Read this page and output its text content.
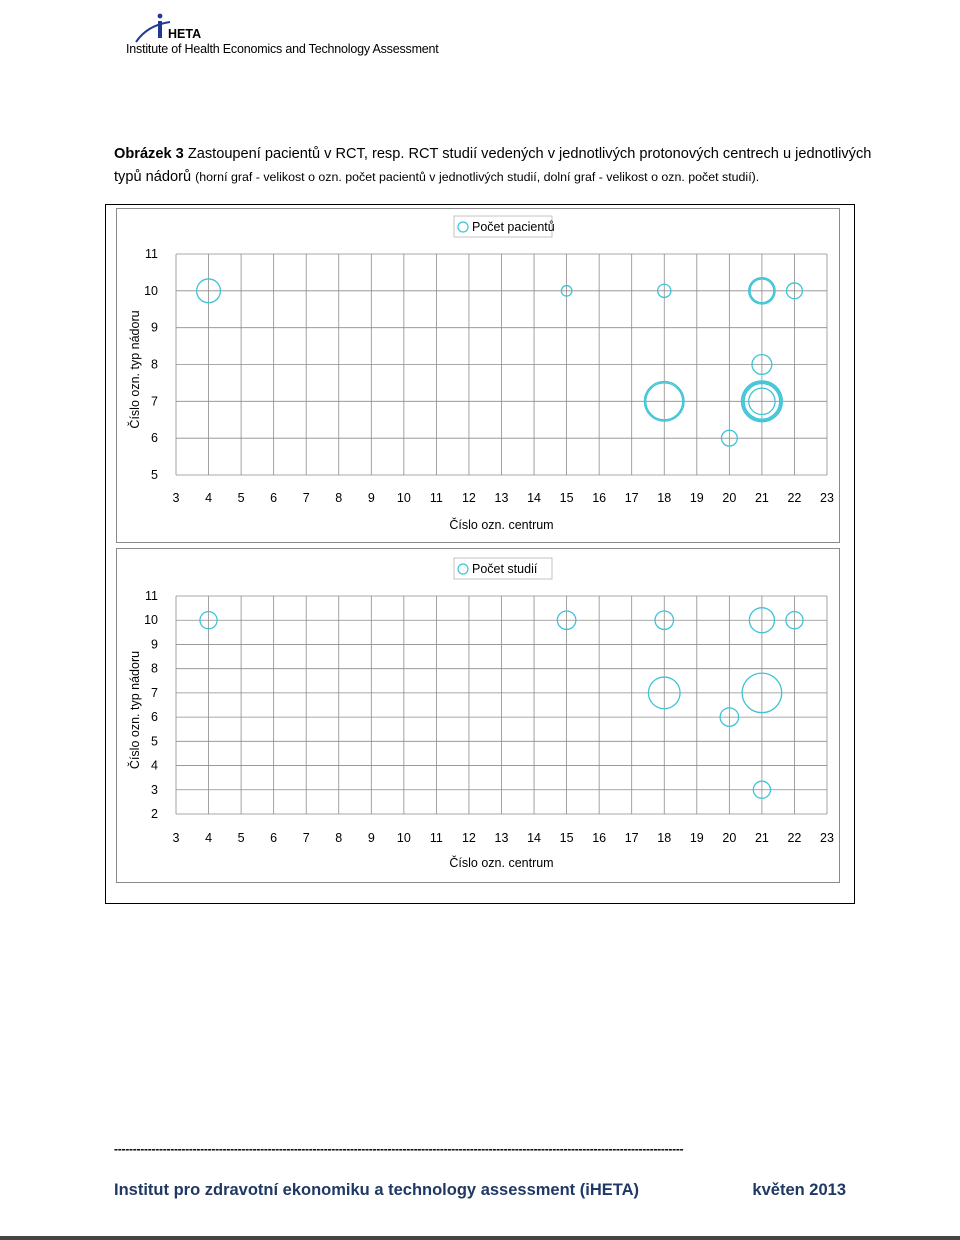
HETA
Institute of Health Economics and Technology Assessment
Obrázek 3 Zastoupení pacientů v RCT, resp. RCT studií vedených v jednotlivých protonových centrech u jednotlivých typů nádorů (horní graf - velikost o ozn. počet pacientů v jednotlivých studií, dolní graf - velikost o ozn. počet studií).
3 4 5 6 7 8 9 10 11 12 13 14 15 16 17 18 19 20 21 22 23
5
6
7
8
9
10
11
Číslo ozn. centrum
Číslo ozn. typ nádoru
Počet pacientů
3 4 5 6 7 8 9 10 11 12 13 14 15 16 17 18 19 20 21 22 23
2
3
4
5
6
7
8
9
10
11
Číslo ozn. centrum
Číslo ozn. typ nádoru
Počet studií
--------------------------------------------------------------------------------------------------------------------------------------------------------
Institut pro zdravotní ekonomiku a technology assessment (iHETA)	květen 2013
